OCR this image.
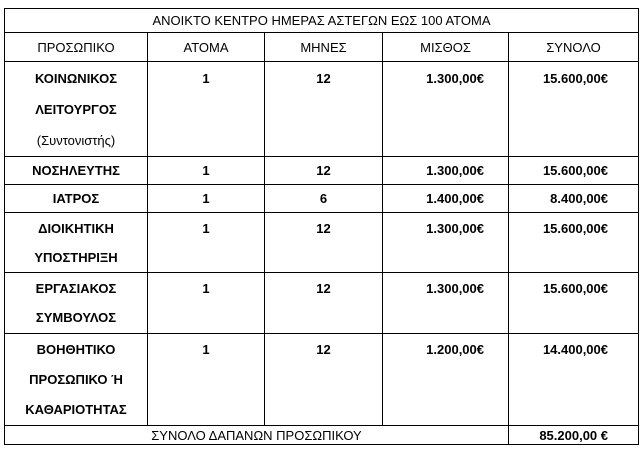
ΑΝΟΙΚΤΟ ΚΕΝΤΡΟ ΗΜΕΡΑΣ ΑΣΤΕΓΩΝ ΕΩΣ 100 ΑΤΟΜΑ				
ΠΡΟΣΩΠΙΚΟ	ΑΤΟΜΑ	ΜΗΝΕΣ	ΜΙΣΘΟΣ	ΣΥΝΟΛΟ

ΚΟΙΝΩΝΙΚΟΣ
ΛΕΙΤΟΥΡΓΟΣ
(Συντονιστής)	1	12	1.300,00€	15.600,00€

ΝΟΣΗΛΕΥΤΗΣ	1	12	1.300,00€	15.600,00€

ΙΑΤΡΟΣ	1	6	1.400,00€	8.400,00€

ΔΙΟΙΚΗΤΙΚΗ
ΥΠΟΣΤΗΡΙΞΗ	1	12	1.300,00€	15.600,00€

ΕΡΓΑΣΙΑΚΟΣ
ΣΥΜΒΟΥΛΟΣ	1	12	1.300,00€	15.600,00€

ΒΟΗΘΗΤΙΚΟ
ΠΡΟΣΩΠΙΚΟ Ή
ΚΑΘΑΡΙΟΤΗΤΑΣ	1	12	1.200,00€	14.400,00€
ΣΥΝΟΛΟ ΔΑΠΑΝΩΝ ΠΡΟΣΩΠΙΚΟΥ				85.200,00 €
